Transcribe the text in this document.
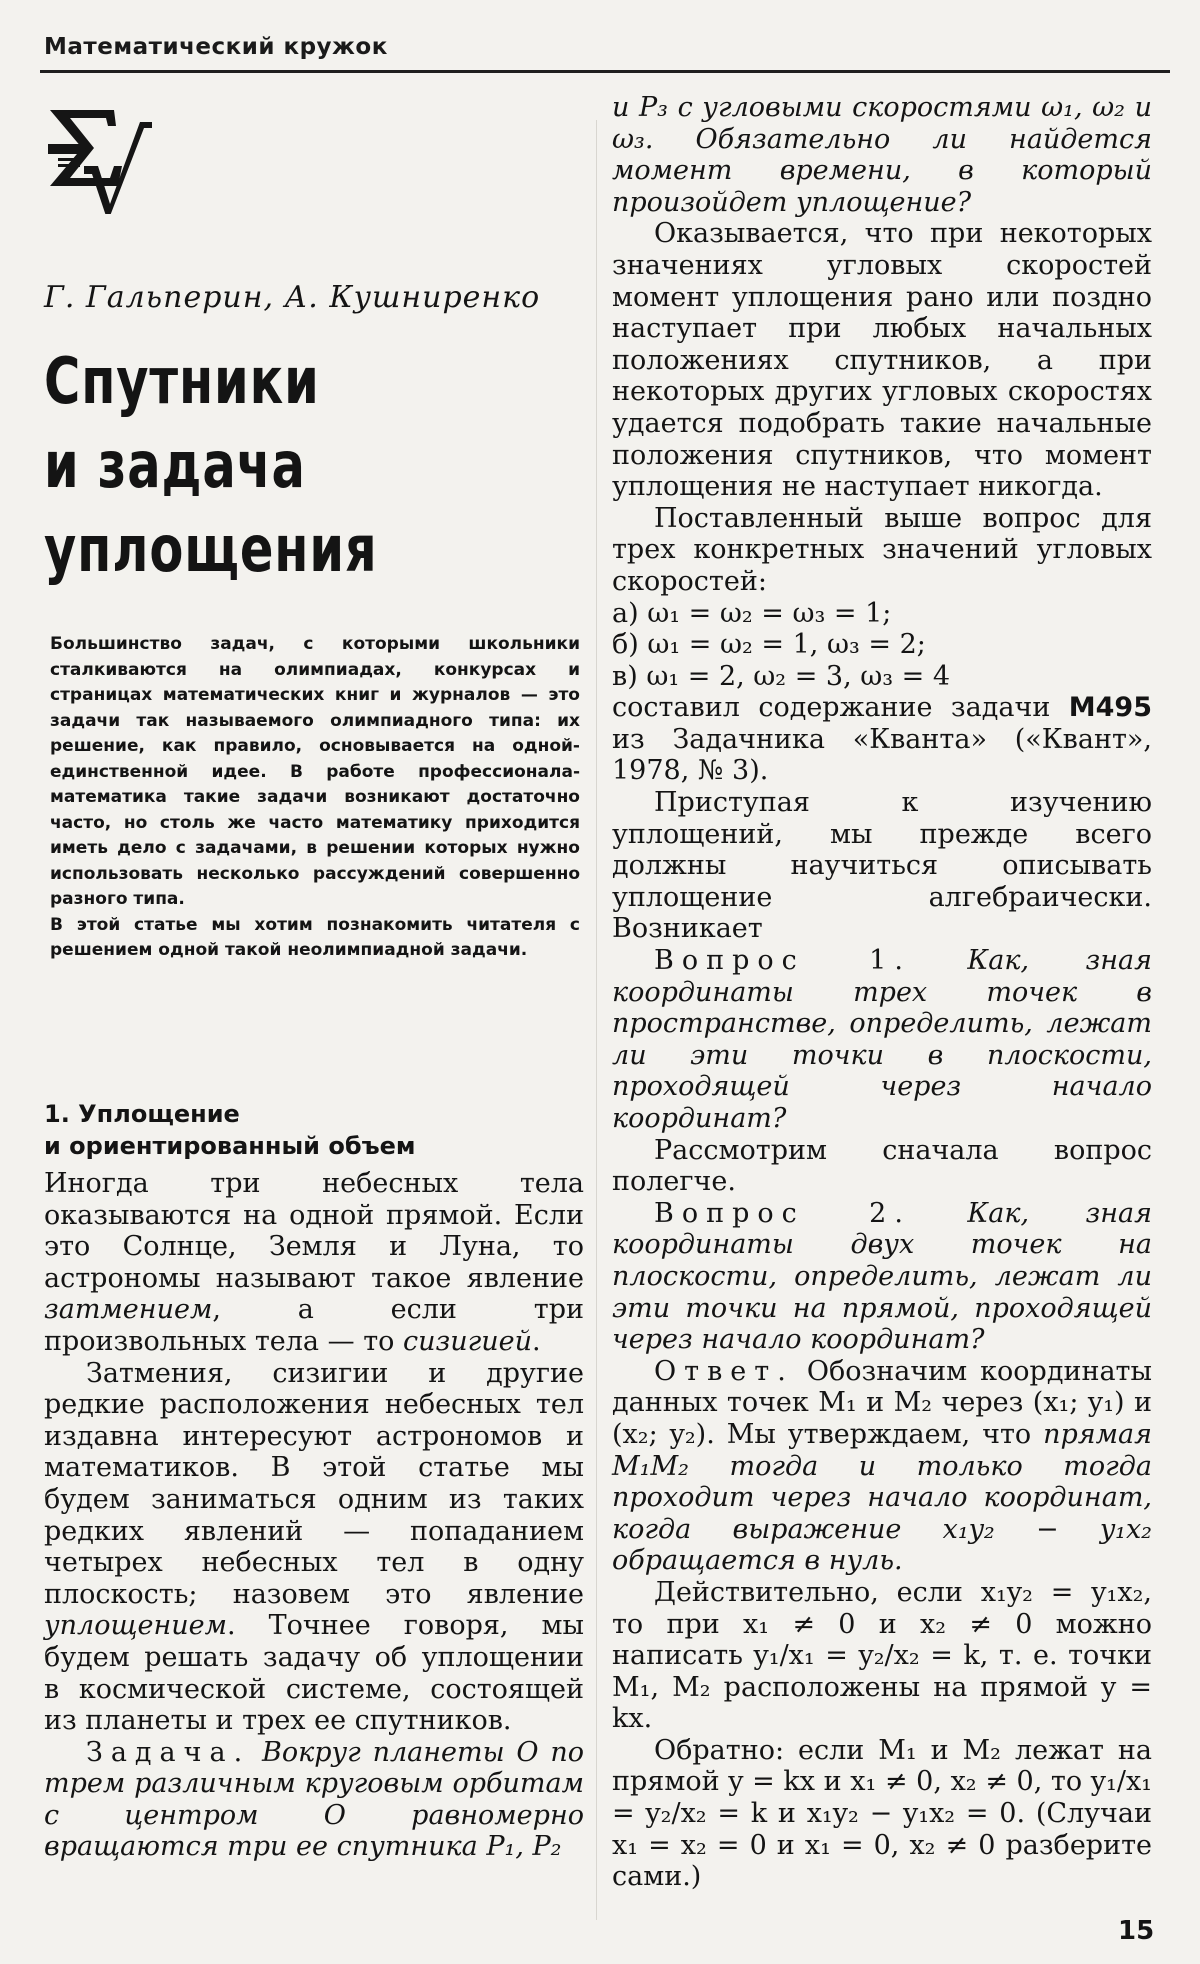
Математический кружок
Г. Гальперин, А. Кушниренко
Спутники
и задача
уплощения

Большинство задач, с которыми школьники сталкиваются на олимпиадах, конкурсах и страницах математических книг и журналов — это задачи так называемого олимпиадного типа: их решение, как правило, основывается на одной-единственной идее. В работе профессионала-математика такие задачи возникают достаточно часто, но столь же часто математику приходится иметь дело с задачами, в решении которых нужно использовать несколько рассуждений совершенно разного типа.

В этой статье мы хотим познакомить читателя с решением одной такой неолимпиадной задачи.

1. Уплощение
и ориентированный объем

Иногда три небесных тела оказываются на одной прямой. Если это Солнце, Земля и Луна, то астрономы называют такое явление затмением, а если три произвольных тела — то сизигией.

Затмения, сизигии и другие редкие расположения небесных тел издавна интересуют астрономов и математиков. В этой статье мы будем заниматься одним из таких редких явлений — попаданием четырех небесных тел в одну плоскость; назовем это явление уплощением. Точнее говоря, мы будем решать задачу об уплощении в космической системе, состоящей из планеты и трех ее спутников.

Задача. Вокруг планеты O по трем различным круговым орбитам с центром O равномерно вращаются три ее спутника P₁, P₂

и P₃ с угловыми скоростями ω₁, ω₂ и ω₃. Обязательно ли найдется момент времени, в который произойдет уплощение?

Оказывается, что при некоторых значениях угловых скоростей момент уплощения рано или поздно наступает при любых начальных положениях спутников, а при некоторых других угловых скоростях удается подобрать такие начальные положения спутников, что момент уплощения не наступает никогда.

Поставленный выше вопрос для трех конкретных значений угловых скоростей:

а) ω₁ = ω₂ = ω₃ = 1;

б) ω₁ = ω₂ = 1, ω₃ = 2;

в) ω₁ = 2, ω₂ = 3, ω₃ = 4

составил содержание задачи M495 из Задачника «Кванта» («Квант», 1978, № 3).

Приступая к изучению уплощений, мы прежде всего должны научиться описывать уплощение алгебраически. Возникает

Вопрос 1. Как, зная координаты трех точек в пространстве, определить, лежат ли эти точки в плоскости, проходящей через начало координат?

Рассмотрим сначала вопрос полегче.

Вопрос 2. Как, зная координаты двух точек на плоскости, определить, лежат ли эти точки на прямой, проходящей через начало координат?

Ответ. Обозначим координаты данных точек M₁ и M₂ через (x₁; y₁) и (x₂; y₂). Мы утверждаем, что прямая M₁M₂ тогда и только тогда проходит через начало координат, когда выражение x₁y₂ − y₁x₂ обращается в нуль.

Действительно, если x₁y₂ = y₁x₂, то при x₁ ≠ 0 и x₂ ≠ 0 можно написать y₁/x₁ = y₂/x₂ = k, т. е. точки M₁, M₂ расположены на прямой y = kx.

Обратно: если M₁ и M₂ лежат на прямой y = kx и x₁ ≠ 0, x₂ ≠ 0, то y₁/x₁ = y₂/x₂ = k и x₁y₂ − y₁x₂ = 0. (Случаи x₁ = x₂ = 0 и x₁ = 0, x₂ ≠ 0 разберите сами.)

15
